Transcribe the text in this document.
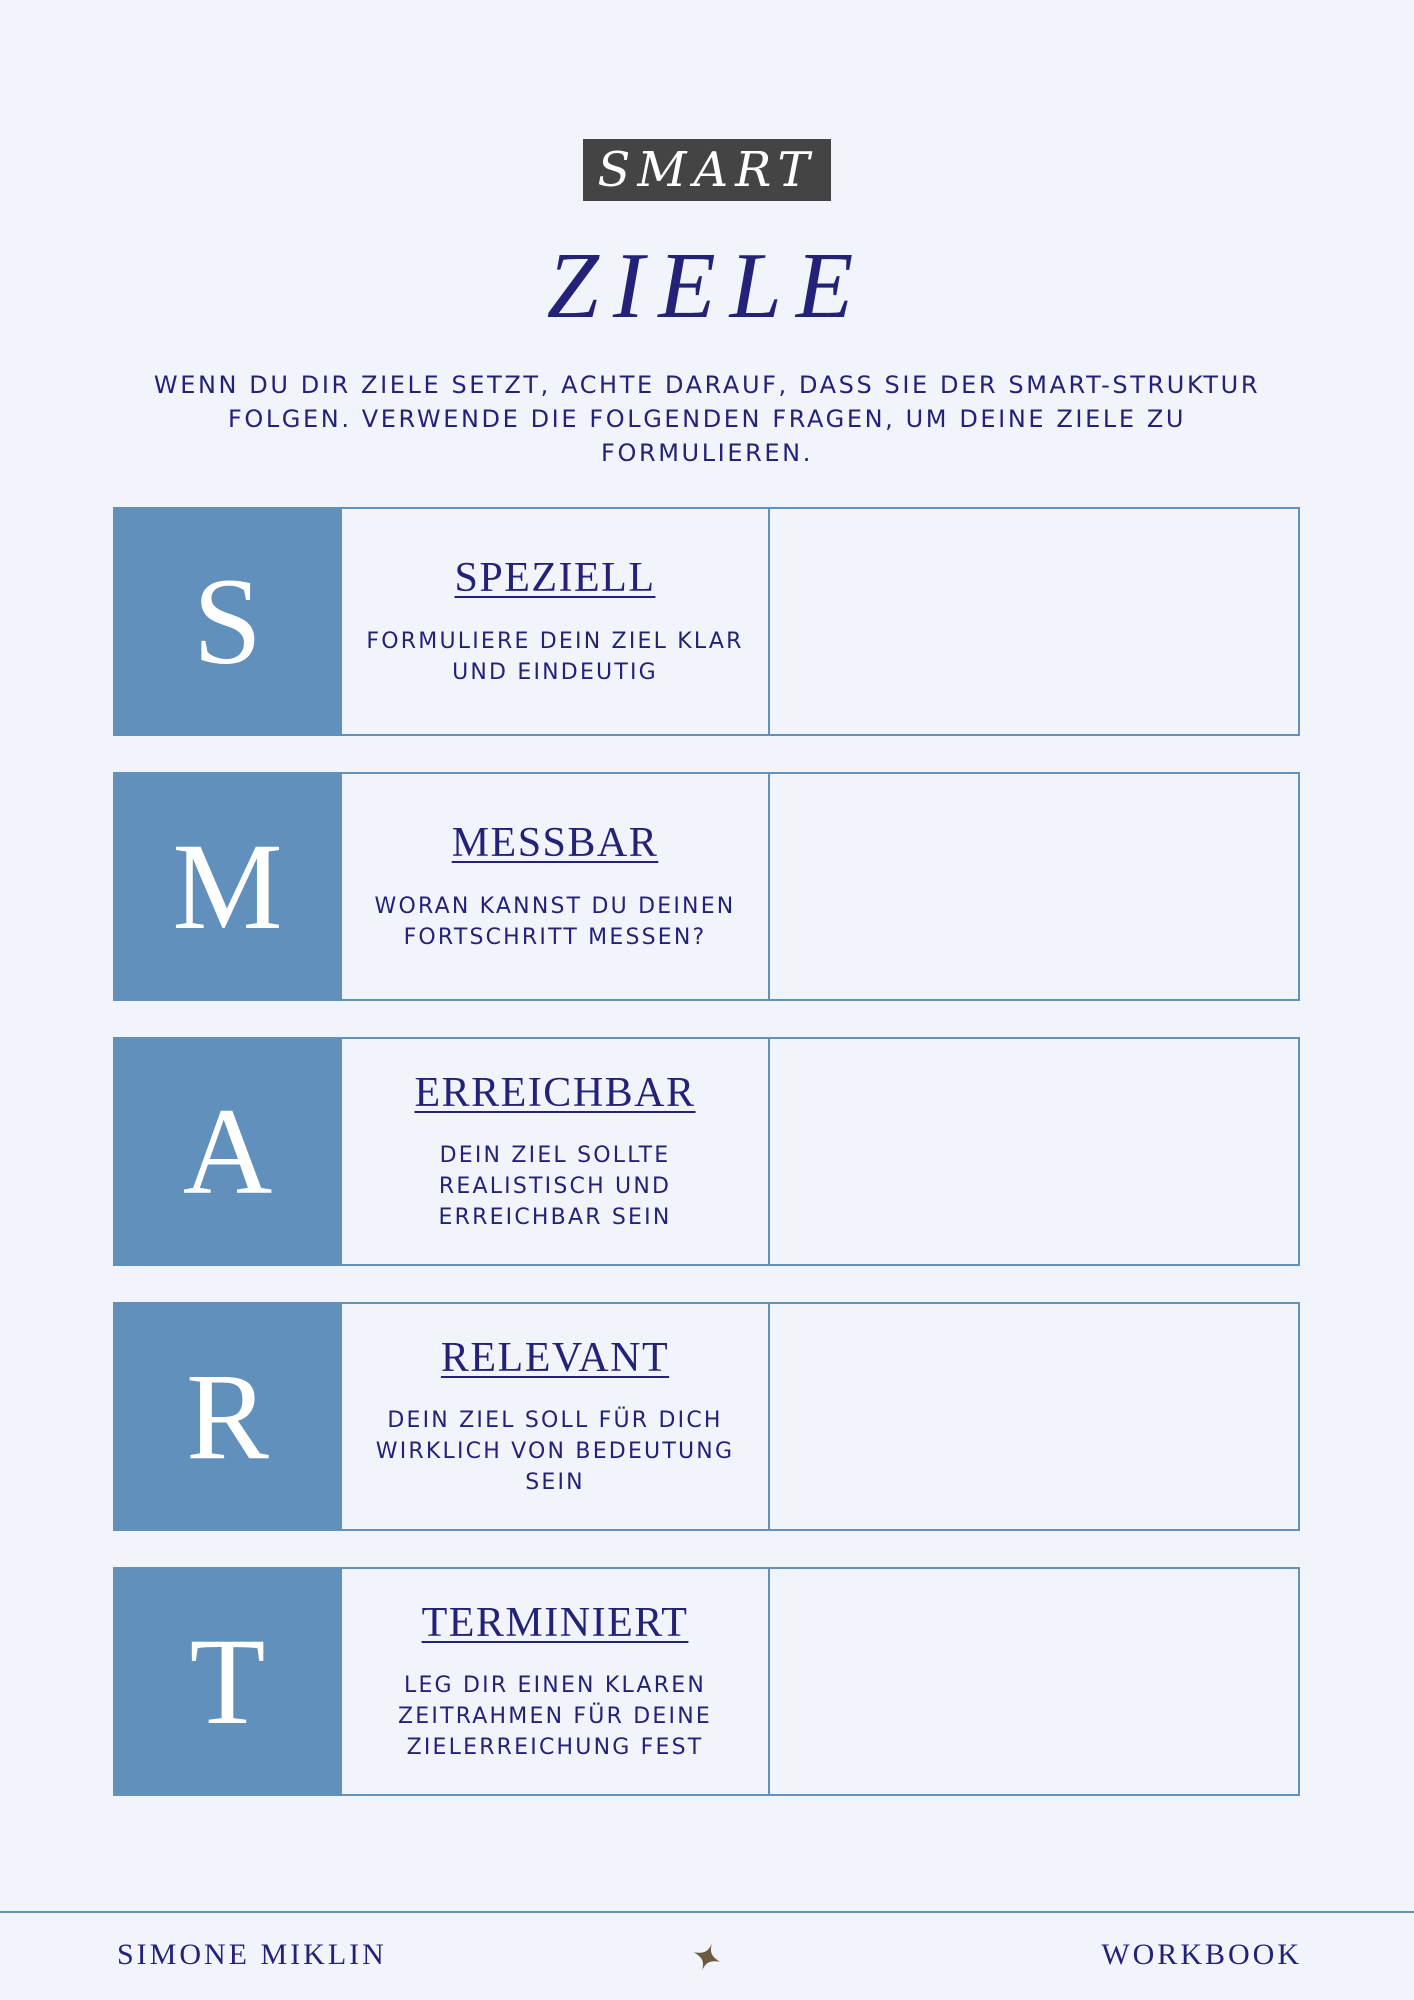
SMART
ZIELE
WENN DU DIR ZIELE SETZT, ACHTE DARAUF, DASS SIE DER SMART-STRUKTUR FOLGEN. VERWENDE DIE FOLGENDEN FRAGEN, UM DEINE ZIELE ZU FORMULIEREN.
S	SPEZIELL
FORMULIERE DEIN ZIEL KLAR UND EINDEUTIG
M	MESSBAR
WORAN KANNST DU DEINEN FORTSCHRITT MESSEN?
A	ERREICHBAR
DEIN ZIEL SOLLTE REALISTISCH UND ERREICHBAR SEIN
R	RELEVANT
DEIN ZIEL SOLL FÜR DICH WIRKLICH VON BEDEUTUNG SEIN
T	TERMINIERT
LEG DIR EINEN KLAREN ZEITRAHMEN FÜR DEINE ZIELERREICHUNG FEST
SIMONE MIKLIN	WORKBOOK
